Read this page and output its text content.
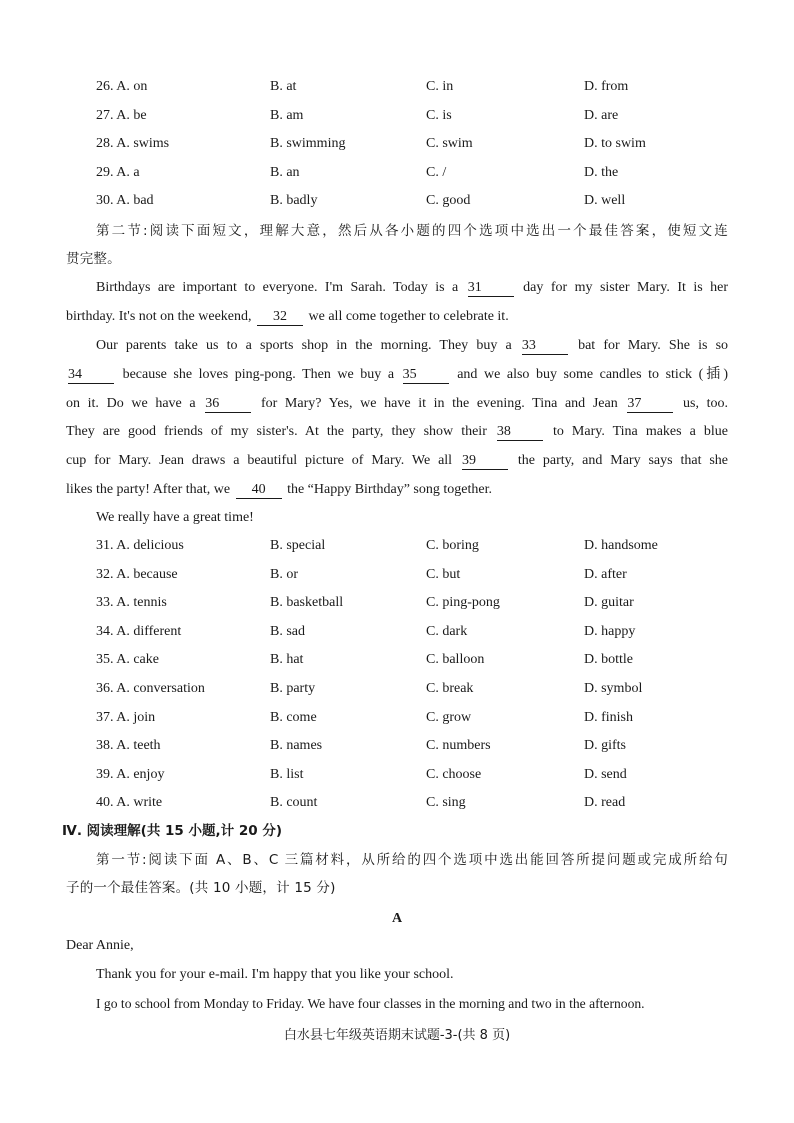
26. A. on	B. at	C. in	D. from
27. A. be	B. am	C. is	D. are
28. A. swims	B. swimming	C. swim	D. to swim
29. A. a	B. an	C. /	D. the
30. A. bad	B. badly	C. good	D. well
第二节:阅读下面短文，理解大意，然后从各小题的四个选项中选出一个最佳答案，使短文连
贯完整。
Birthdays are important to everyone. I'm Sarah. Today is a 31	day for my sister Mary. It is her
birthday. It's not on the weekend, 32 we all come together to celebrate it.
Our parents take us to a sports shop in the morning. They buy a 33	bat for Mary. She is so
34	because she loves ping-pong. Then we buy a 35	and we also buy some candles to stick (插)
on it. Do we have a 36	for Mary? Yes, we have it in the evening. Tina and Jean 37	us, too.
They are good friends of my sister's. At the party, they show their 38	to Mary. Tina makes a blue
cup for Mary. Jean draws a beautiful picture of Mary. We all 39	the party, and Mary says that she
likes the party! After that, we 40 the “Happy Birthday” song together.
We really have a great time!
31. A. delicious	B. special	C. boring	D. handsome
32. A. because	B. or	C. but	D. after
33. A. tennis	B. basketball	C. ping-pong	D. guitar
34. A. different	B. sad	C. dark	D. happy
35. A. cake	B. hat	C. balloon	D. bottle
36. A. conversation	B. party	C. break	D. symbol
37. A. join	B. come	C. grow	D. finish
38. A. teeth	B. names	C. numbers	D. gifts
39. A. enjoy	B. list	C. choose	D. send
40. A. write	B. count	C. sing	D. read
Ⅳ. 阅读理解(共 15 小题,计 20 分)
第一节:阅读下面 A、B、C 三篇材料，从所给的四个选项中选出能回答所提问题或完成所给句
子的一个最佳答案。(共 10 小题，计 15 分)
A
Dear Annie,
Thank you for your e-mail. I'm happy that you like your school.
I go to school from Monday to Friday. We have four classes in the morning and two in the afternoon.
白水县七年级英语期末试题-3-(共 8 页)
